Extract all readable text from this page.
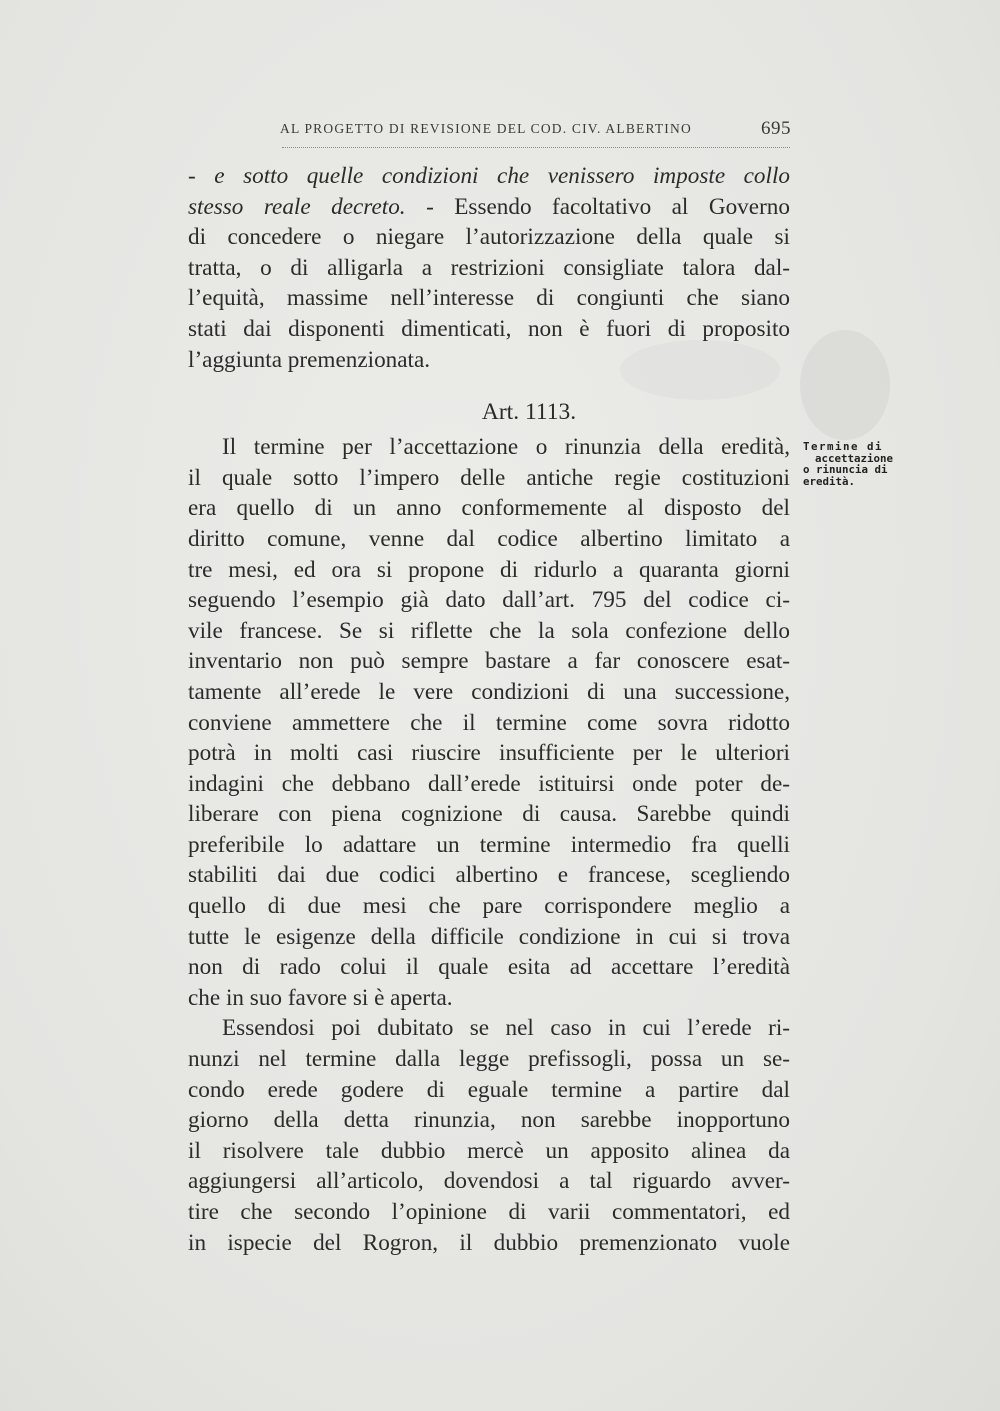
AL PROGETTO DI REVISIONE DEL COD. CIV. ALBERTINO	695
- e sotto quelle condizioni che venissero imposte collo
stesso reale decreto. - Essendo facoltativo al Governo
di concedere o niegare l’autorizzazione della quale si
tratta, o di alligarla a restrizioni consigliate talora dal-
l’equità, massime nell’interesse di congiunti che siano
stati dai disponenti dimenticati, non è fuori di proposito
l’aggiunta premenzionata.
Il termine per l’accettazione o rinunzia della eredità,
il quale sotto l’impero delle antiche regie costituzioni
era quello di un anno conformemente al disposto del
diritto comune, venne dal codice albertino limitato a
tre mesi, ed ora si propone di ridurlo a quaranta giorni
seguendo l’esempio già dato dall’art. 795 del codice ci-
vile francese. Se si riflette che la sola confezione dello
inventario non può sempre bastare a far conoscere esat-
tamente all’erede le vere condizioni di una successione,
conviene ammettere che il termine come sovra ridotto
potrà in molti casi riuscire insufficiente per le ulteriori
indagini che debbano dall’erede istituirsi onde poter de-
liberare con piena cognizione di causa. Sarebbe quindi
preferibile lo adattare un termine intermedio fra quelli
stabiliti dai due codici albertino e francese, scegliendo
quello di due mesi che pare corrispondere meglio a
tutte le esigenze della difficile condizione in cui si trova
non di rado colui il quale esita ad accettare l’eredità
che in suo favore si è aperta.
Essendosi poi dubitato se nel caso in cui l’erede ri-
nunzi nel termine dalla legge prefissogli, possa un se-
condo erede godere di eguale termine a partire dal
giorno della detta rinunzia, non sarebbe inopportuno
il risolvere tale dubbio mercè un apposito alinea da
aggiungersi all’articolo, dovendosi a tal riguardo avver-
tire che secondo l’opinione di varii commentatori, ed
in ispecie del Rogron, il dubbio premenzionato vuole
Art. 1113.
Termine di
accettazione
o rinuncia di
eredità.
